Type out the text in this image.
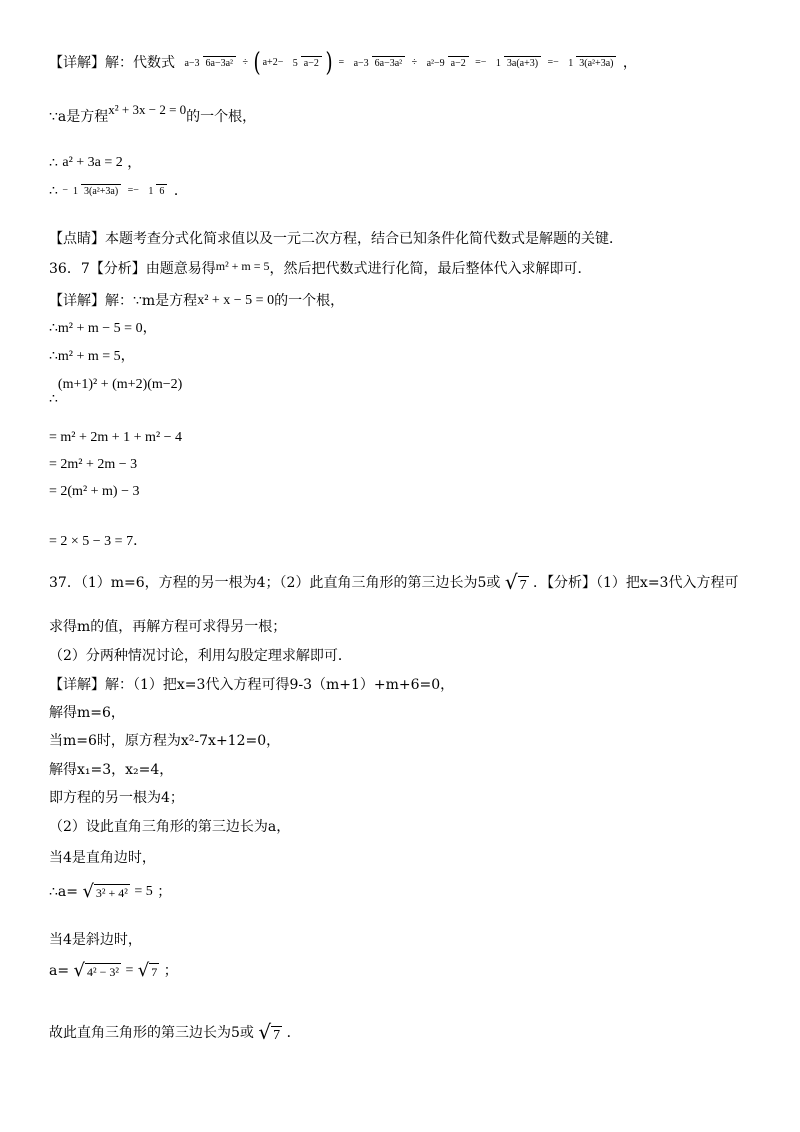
【详解】解：代数式 a−3 6a−3a² ÷ ( a+2− 5 a−2 ) = a−3 6a−3a² ÷ a²−9 a−2 =− 1 3a(a+3) =− 1 3(a²+3a) ，
∵a是方程x² + 3x − 2 = 0的一个根，
∴ a² + 3a = 2 ，
∴ − 1 3(a²+3a) =− 1 6 ．
【点睛】本题考查分式化简求值以及一元二次方程，结合已知条件化简代数式是解题的关键．
36．7【分析】由题意易得m² + m = 5，然后把代数式进行化简，最后整体代入求解即可．
【详解】解：∵m是方程x² + x − 5 = 0的一个根，
∴m² + m − 5 = 0，
∴m² + m = 5，
∴(m+1)² + (m+2)(m−2)
= m² + 2m + 1 + m² − 4
= 2m² + 2m − 3
= 2(m² + m) − 3
= 2 × 5 − 3 = 7．
37．（1）m=6，方程的另一根为4；（2）此直角三角形的第三边长为5或 √ 7 ．【分析】（1）把x=3代入方程可
求得m的值，再解方程可求得另一根；
（2）分两种情况讨论，利用勾股定理求解即可．
【详解】解：（1）把x=3代入方程可得9-3（m+1）+m+6=0，
解得m=6，
当m=6时，原方程为x²-7x+12=0，
解得x₁=3，x₂=4，
即方程的另一根为4；
（2）设此直角三角形的第三边长为a，
当4是直角边时，
∴a= √ 3² + 4² = 5 ；
当4是斜边时，
a= √ 4² − 3² = √ 7 ；
故此直角三角形的第三边长为5或 √ 7 ．
